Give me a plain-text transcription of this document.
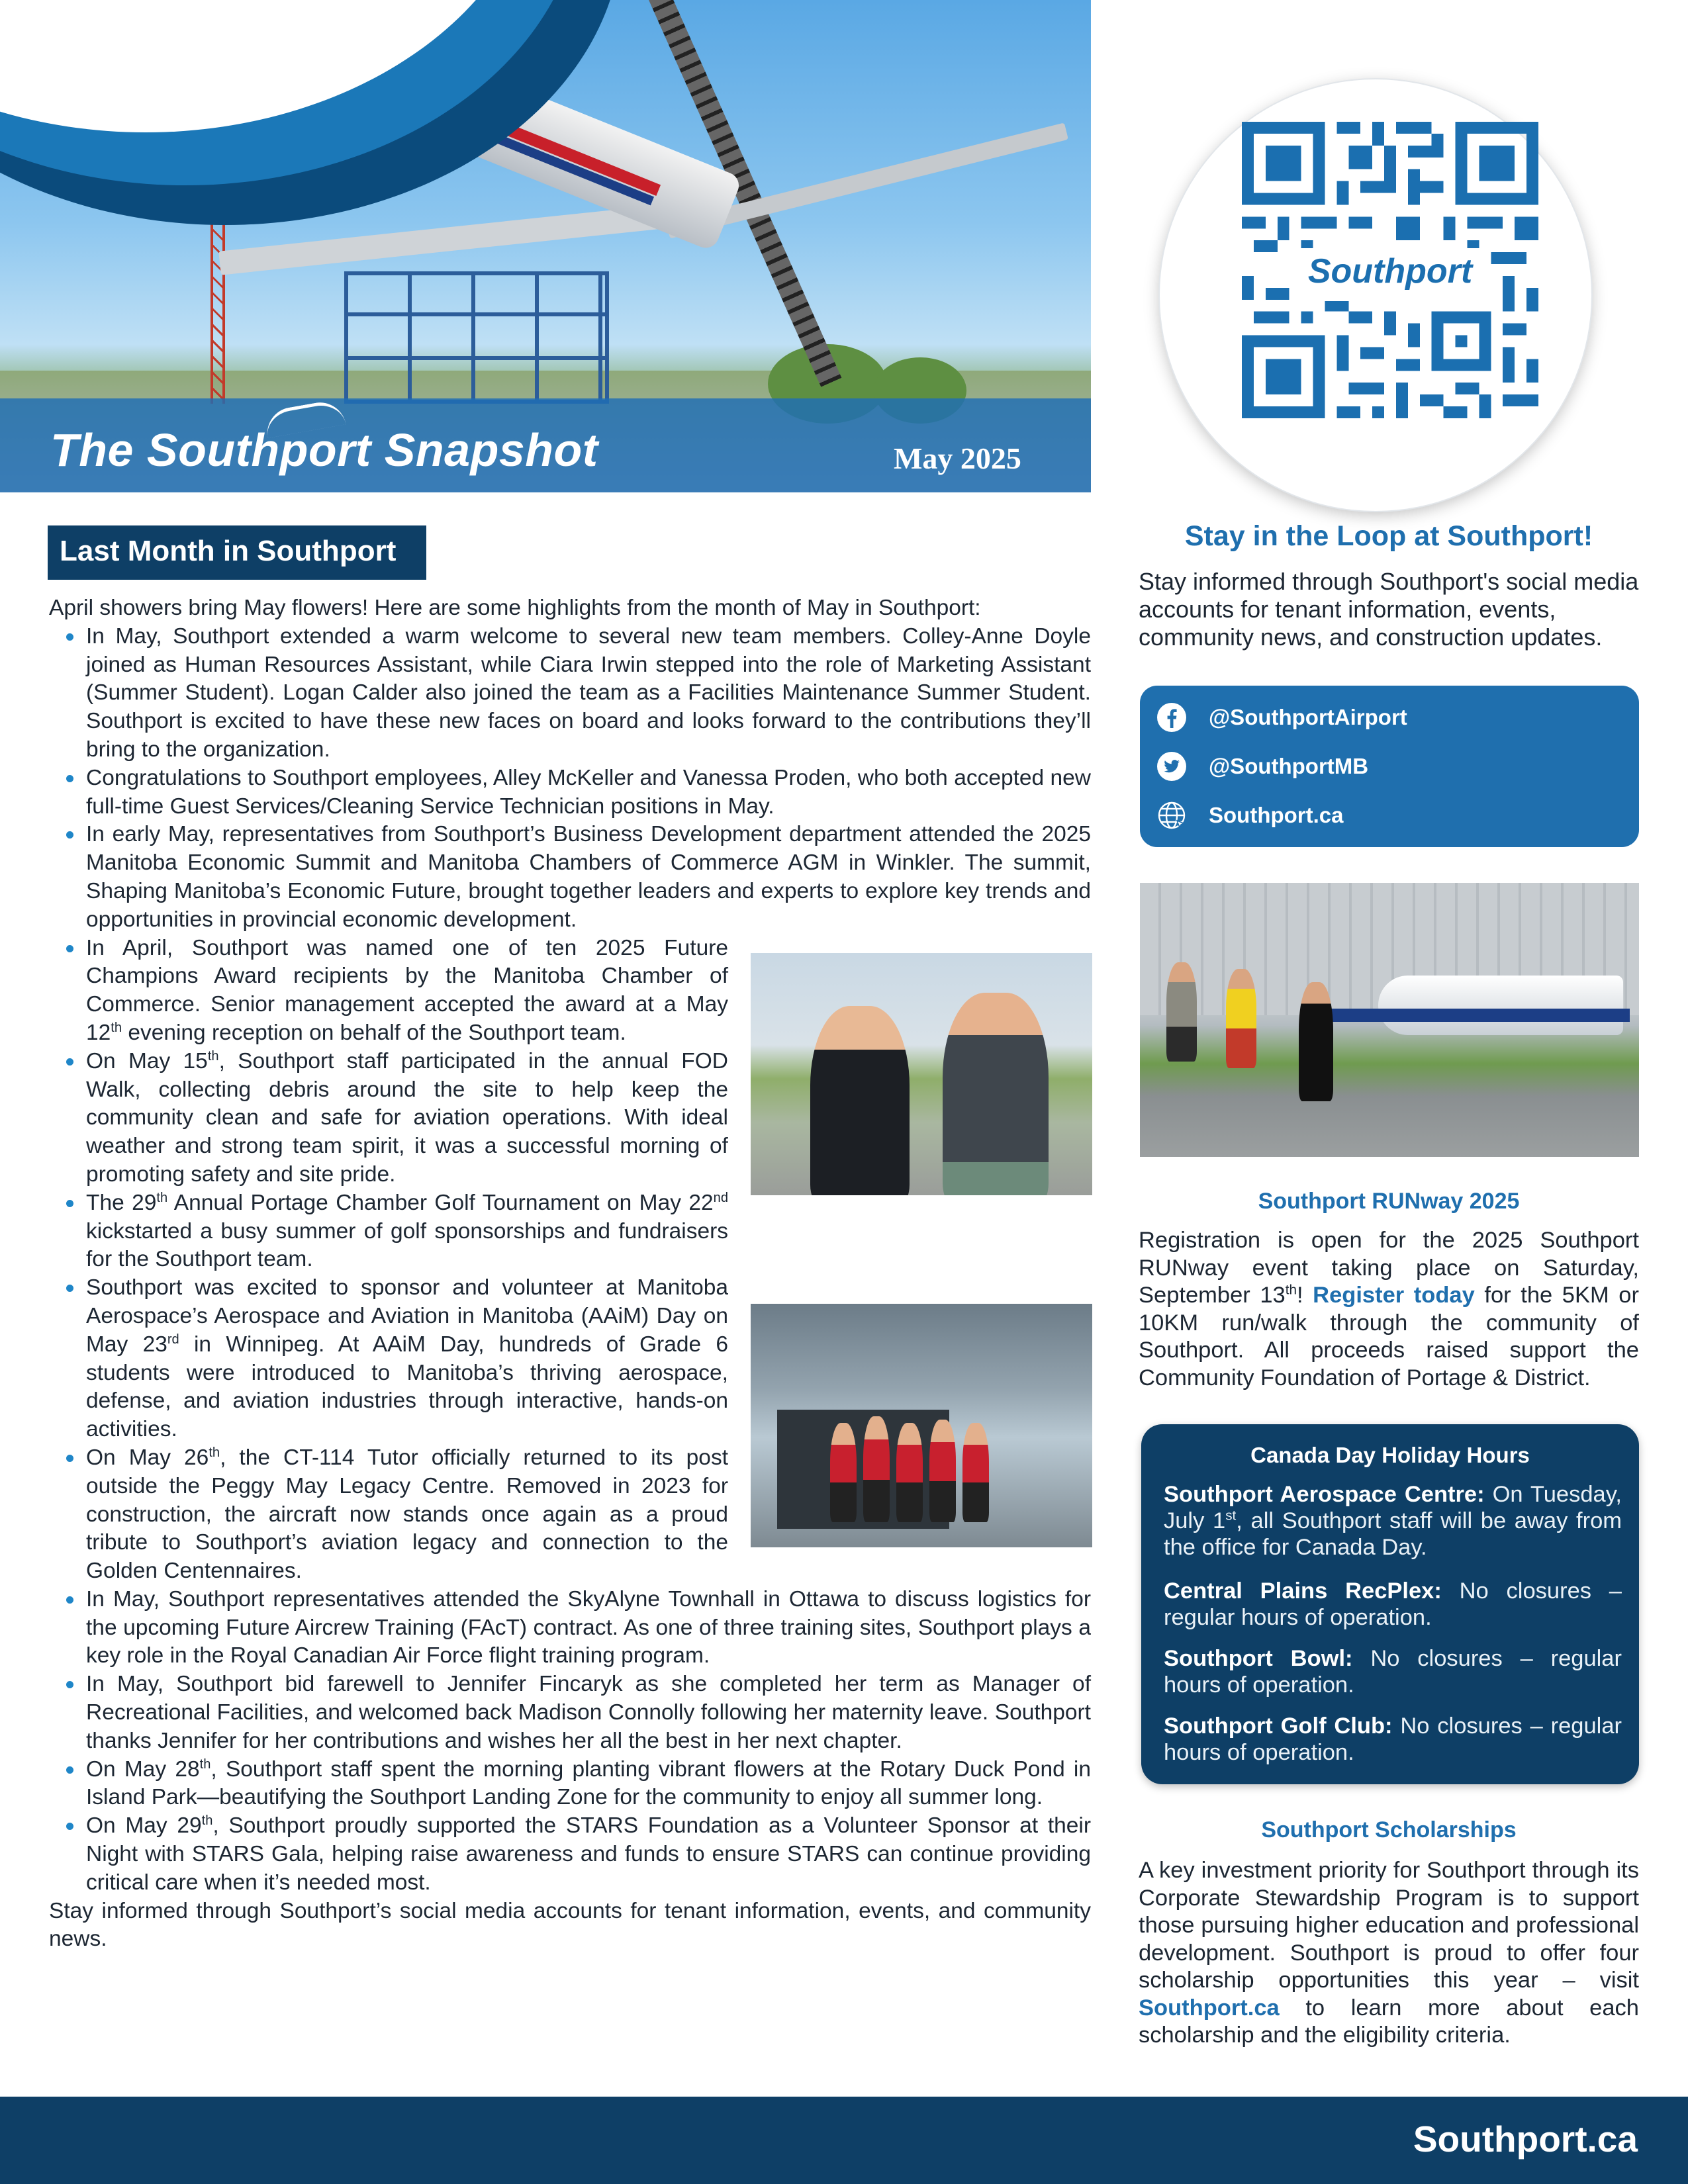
The Southport Snapshot	May 2025
Southport
Last Month in Southport

April showers bring May flowers! Here are some highlights from the month of May in Southport:

In May, Southport extended a warm welcome to several new team members. Colley-Anne Doyle joined as Human Resources Assistant, while Ciara Irwin stepped into the role of Marketing Assistant (Summer Student). Logan Calder also joined the team as a Facilities Maintenance Summer Student. Southport is excited to have these new faces on board and looks forward to the contributions they’ll bring to the organization.
Congratulations to Southport employees, Alley McKeller and Vanessa Proden, who both accepted new full-time Guest Services/Cleaning Service Technician positions in May.
In early May, representatives from Southport’s Business Development department attended the 2025 Manitoba Economic Summit and Manitoba Chambers of Commerce AGM in Winkler. The summit, Shaping Manitoba’s Economic Future, brought together leaders and experts to explore key trends and opportunities in provincial economic development.
In April, Southport was named one of ten 2025 Future Champions Award recipients by the Manitoba Chamber of Commerce. Senior management accepted the award at a May 12th evening reception on behalf of the Southport team.
On May 15th, Southport staff participated in the annual FOD Walk, collecting debris around the site to help keep the community clean and safe for aviation operations. With ideal weather and strong team spirit, it was a successful morning of promoting safety and site pride.
The 29th Annual Portage Chamber Golf Tournament on May 22nd kickstarted a busy summer of golf sponsorships and fundraisers for the Southport team.
Southport was excited to sponsor and volunteer at Manitoba Aerospace’s Aerospace and Aviation in Manitoba (AAiM) Day on May 23rd in Winnipeg. At AAiM Day, hundreds of Grade 6 students were introduced to Manitoba’s thriving aerospace, defense, and aviation industries through interactive, hands-on activities.
On May 26th, the CT-114 Tutor officially returned to its post outside the Peggy May Legacy Centre. Removed in 2023 for construction, the aircraft now stands once again as a proud tribute to Southport’s aviation legacy and connection to the Golden Centennaires.
In May, Southport representatives attended the SkyAlyne Townhall in Ottawa to discuss logistics for the upcoming Future Aircrew Training (FAcT) contract. As one of three training sites, Southport plays a key role in the Royal Canadian Air Force flight training program.
In May, Southport bid farewell to Jennifer Fincaryk as she completed her term as Manager of Recreational Facilities, and welcomed back Madison Connolly following her maternity leave. Southport thanks Jennifer for her contributions and wishes her all the best in her next chapter.
On May 28th, Southport staff spent the morning planting vibrant flowers at the Rotary Duck Pond in Island Park—beautifying the Southport Landing Zone for the community to enjoy all summer long.
On May 29th, Southport proudly supported the STARS Foundation as a Volunteer Sponsor at their Night with STARS Gala, helping raise awareness and funds to ensure STARS can continue providing critical care when it’s needed most.

Stay informed through Southport’s social media accounts for tenant information, events, and community news.

Stay in the Loop at Southport!
Stay informed through Southport's social media accounts for tenant information, events, community news, and construction updates.
@SouthportAirport
@SouthportMB
Southport.ca
Southport RUNway 2025
Registration is open for the 2025 Southport RUNway event taking place on Saturday, September 13th! Register today for the 5KM or 10KM run/walk through the community of Southport. All proceeds raised support the Community Foundation of Portage & District.
Canada Day Holiday Hours
Southport Aerospace Centre: On Tuesday, July 1st, all Southport staff will be away from the office for Canada Day.
Central Plains RecPlex: No closures – regular hours of operation.
Southport Bowl: No closures – regular hours of operation.
Southport Golf Club: No closures – regular hours of operation.
Southport Scholarships
A key investment priority for Southport through its Corporate Stewardship Program is to support those pursuing higher education and professional development. Southport is proud to offer four scholarship opportunities this year – visit Southport.ca to learn more about each scholarship and the eligibility criteria.
Southport.ca
